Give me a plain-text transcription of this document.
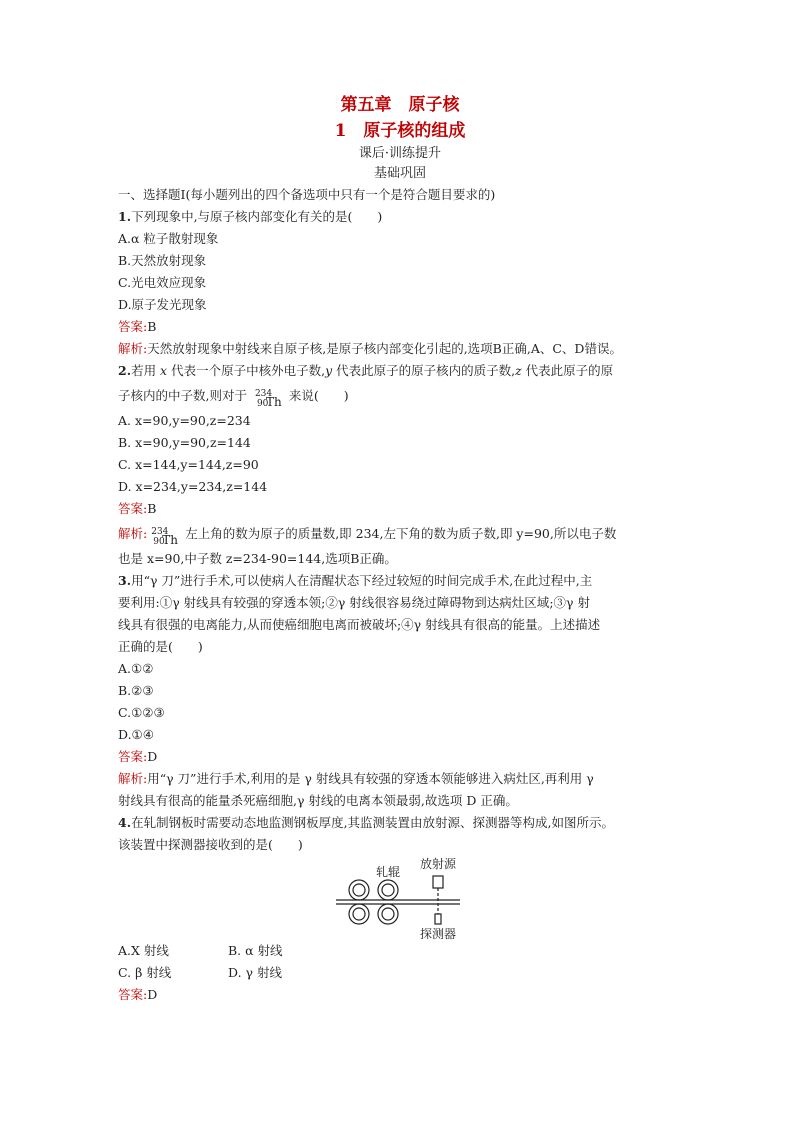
第五章　原子核

1　原子核的组成

课后·训练提升

基础巩固

一、选择题Ⅰ(每小题列出的四个备选项中只有一个是符合题目要求的)

1.下列现象中,与原子核内部变化有关的是(　　)

A.α 粒子散射现象

B.天然放射现象

C.光电效应现象

D.原子发光现象

答案:B

解析:天然放射现象中射线来自原子核,是原子核内部变化引起的,选项B正确,A、C、D错误。

2.若用 x 代表一个原子中核外电子数,y 代表此原子的原子核内的质子数,z 代表此原子的原

子核内的中子数,则对于 234
90
Th 来说(　　)

A. x=90,y=90,z=234

B. x=90,y=90,z=144

C. x=144,y=144,z=90

D. x=234,y=234,z=144

答案:B

解析: 234
90
Th 左上角的数为原子的质量数,即 234,左下角的数为质子数,即 y=90,所以电子数

也是 x=90,中子数 z=234-90=144,选项B正确。

3.用“γ 刀”进行手术,可以使病人在清醒状态下经过较短的时间完成手术,在此过程中,主

要利用:①γ 射线具有较强的穿透本领;②γ 射线很容易绕过障碍物到达病灶区域;③γ 射

线具有很强的电离能力,从而使癌细胞电离而被破坏;④γ 射线具有很高的能量。上述描述

正确的是(　　)

A.①②

B.②③

C.①②③

D.①④

答案:D

解析:用“γ 刀”进行手术,利用的是 γ 射线具有较强的穿透本领能够进入病灶区,再利用 γ

射线具有很高的能量杀死癌细胞,γ 射线的电离本领最弱,故选项 D 正确。

4.在轧制钢板时需要动态地监测钢板厚度,其监测装置由放射源、探测器等构成,如图所示。

该装置中探测器接收到的是(　　)

轧辊
放射源
探测器
A.X 射线	B. α 射线
C. β 射线	D. γ 射线

答案:D
